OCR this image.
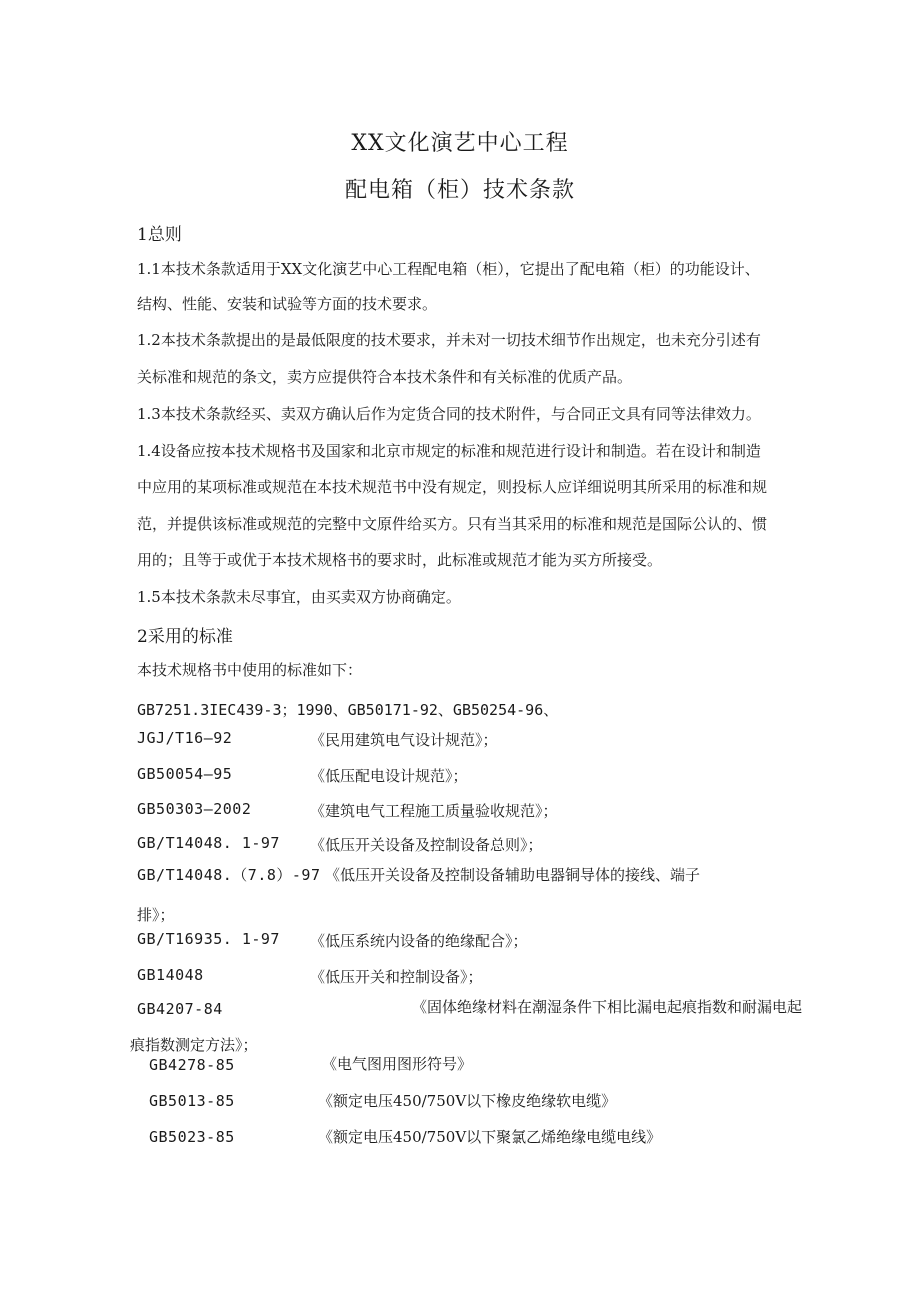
XX文化演艺中心工程
配电箱（柜）技术条款
1总则
1.1本技术条款适用于XX文化演艺中心工程配电箱（柜），它提出了配电箱（柜）的功能设计、
结构、性能、安装和试验等方面的技术要求。
1.2本技术条款提出的是最低限度的技术要求，并未对一切技术细节作出规定，也未充分引述有
关标准和规范的条文，卖方应提供符合本技术条件和有关标准的优质产品。
1.3本技术条款经买、卖双方确认后作为定货合同的技术附件，与合同正文具有同等法律效力。
1.4设备应按本技术规格书及国家和北京市规定的标准和规范进行设计和制造。若在设计和制造
中应用的某项标准或规范在本技术规范书中没有规定，则投标人应详细说明其所采用的标准和规
范，并提供该标准或规范的完整中文原件给买方。只有当其采用的标准和规范是国际公认的、惯
用的；且等于或优于本技术规格书的要求时，此标准或规范才能为买方所接受。
1.5本技术条款未尽事宜，由买卖双方协商确定。
2采用的标准
本技术规格书中使用的标准如下：
GB7251.3IEC439-3；1990、GB50171-92、GB50254-96、
JGJ/T16—92	《民用建筑电气设计规范》；
GB50054—95	《低压配电设计规范》；
GB50303—2002	《建筑电气工程施工质量验收规范》；
GB/T14048. 1-97 《低压开关设备及控制设备总则》；
GB/T14048.（7.8）-97 《低压开关设备及控制设备辅助电器铜导体的接线、端子
排》；
GB/T16935. 1-97 《低压系统内设备的绝缘配合》；
GB14048	《低压开关和控制设备》；
GB4207-84	《固体绝缘材料在潮湿条件下相比漏电起痕指数和耐漏电起
痕指数测定方法》；
GB4278-85	《电气图用图形符号》
GB5013-85	《额定电压450/750V以下橡皮绝缘软电缆》
GB5023-85	《额定电压450/750V以下聚氯乙烯绝缘电缆电线》
